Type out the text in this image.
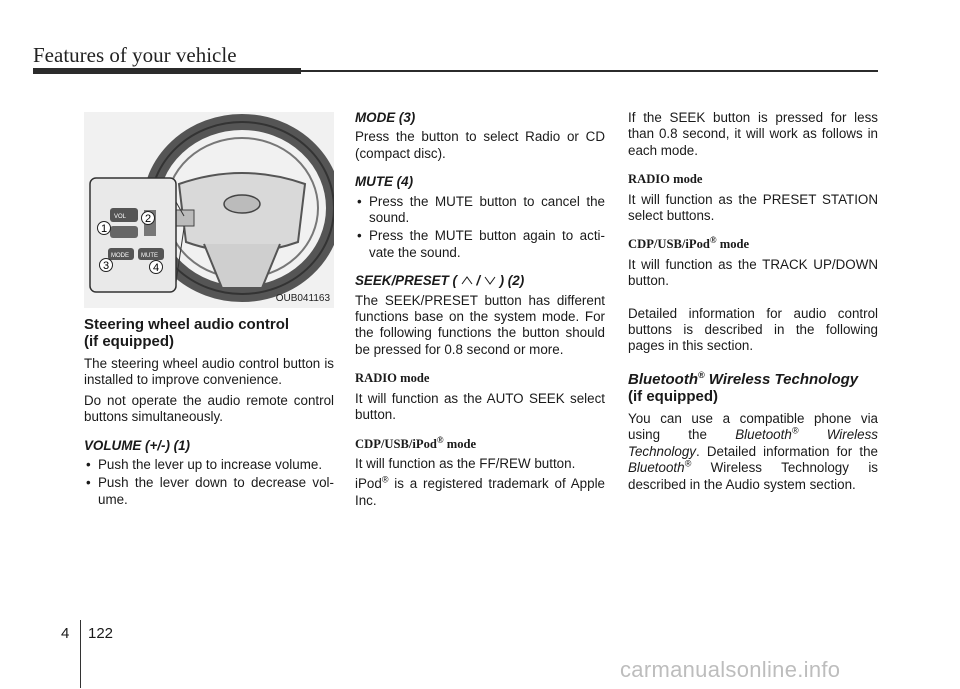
Features of your vehicle
VOL
MODE MUTE
1
2
3	4
OUB041163
Steering wheel audio control
(if equipped)

The steering wheel audio control button is installed to improve convenience.

Do not operate the audio remote control buttons simultaneously.

VOLUME (+/-) (1)
• Push the lever up to increase volume.
• Push the lever down to decrease volume.
MODE (3)

Press the button to select Radio or CD (compact disc).

MUTE (4)
• Press the MUTE button to cancel the sound.
• Press the MUTE button again to activate the sound.
SEEK/PRESET ( / ) (2)

The SEEK/PRESET button has different functions base on the system mode. For the following functions the button should be pressed for 0.8 second or more.

RADIO mode

It will function as the AUTO SEEK select button.

CDP/USB/iPod® mode

It will function as the FF/REW button.

iPod® is a registered trademark of Apple Inc.

If the SEEK button is pressed for less than 0.8 second, it will work as follows in each mode.

RADIO mode

It will function as the PRESET STATION select buttons.

CDP/USB/iPod® mode

It will function as the TRACK UP/DOWN button.

Detailed information for audio control buttons is described in the following pages in this section.

Bluetooth® Wireless Technology
(if equipped)

You can use a compatible phone via using the Bluetooth® Wireless Technology. Detailed information for the Bluetooth® Wireless Technology is described in the Audio system section.

4 122
carmanualsonline.info
